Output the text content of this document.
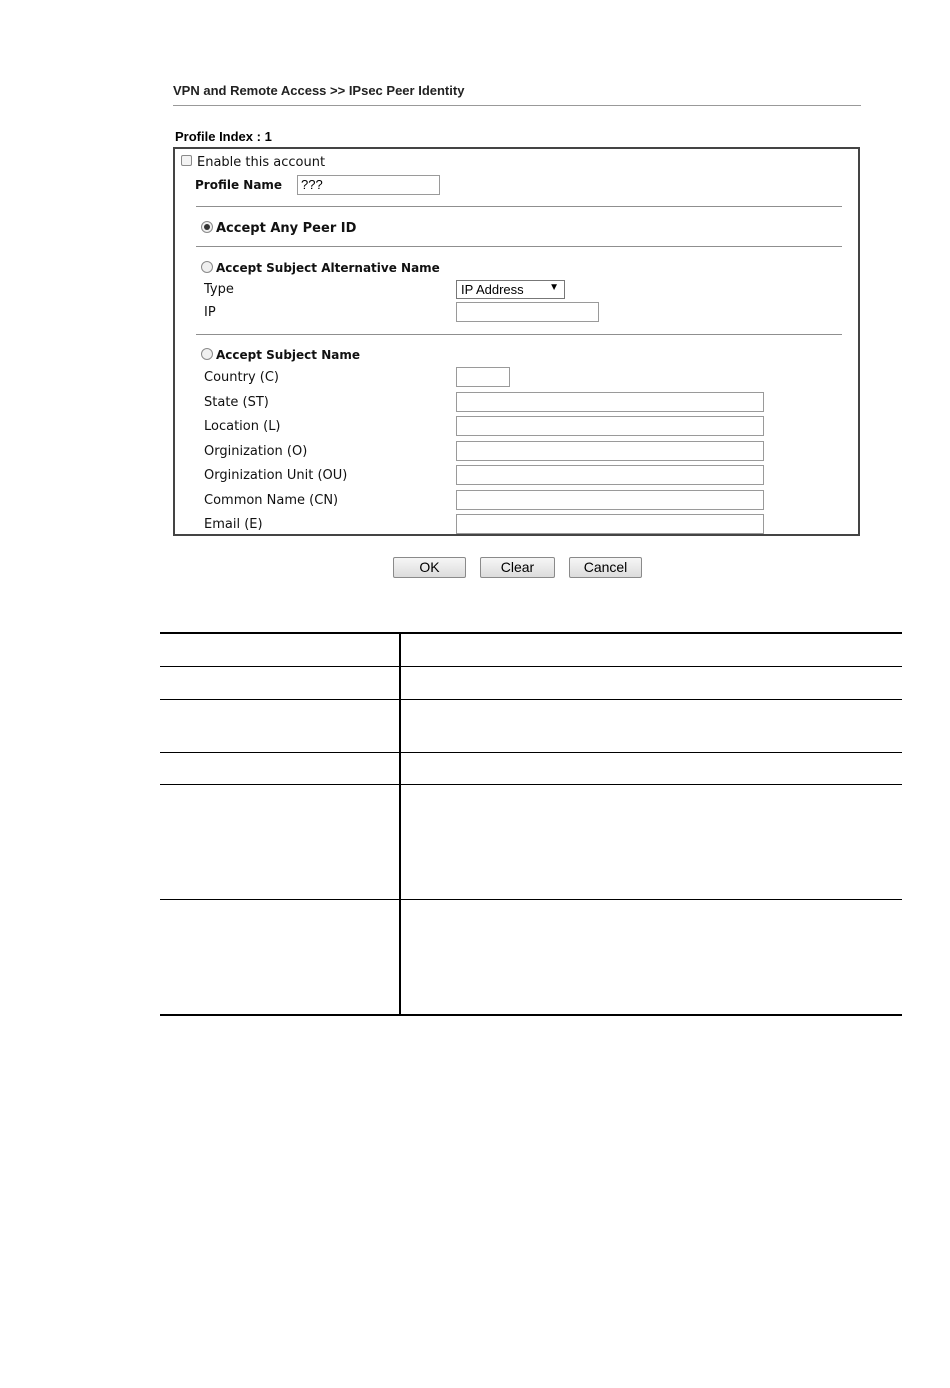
VPN and Remote Access >> IPsec Peer Identity
Profile Index : 1
Enable this account
Profile Name	???
Accept Any Peer ID
Accept Subject Alternative Name
Type	IP Address	▼
IP
Accept Subject Name
Country (C)
State (ST)
Location (L)
Orginization (O)
Orginization Unit (OU)
Common Name (CN)
Email (E)
OK	Clear	Cancel
